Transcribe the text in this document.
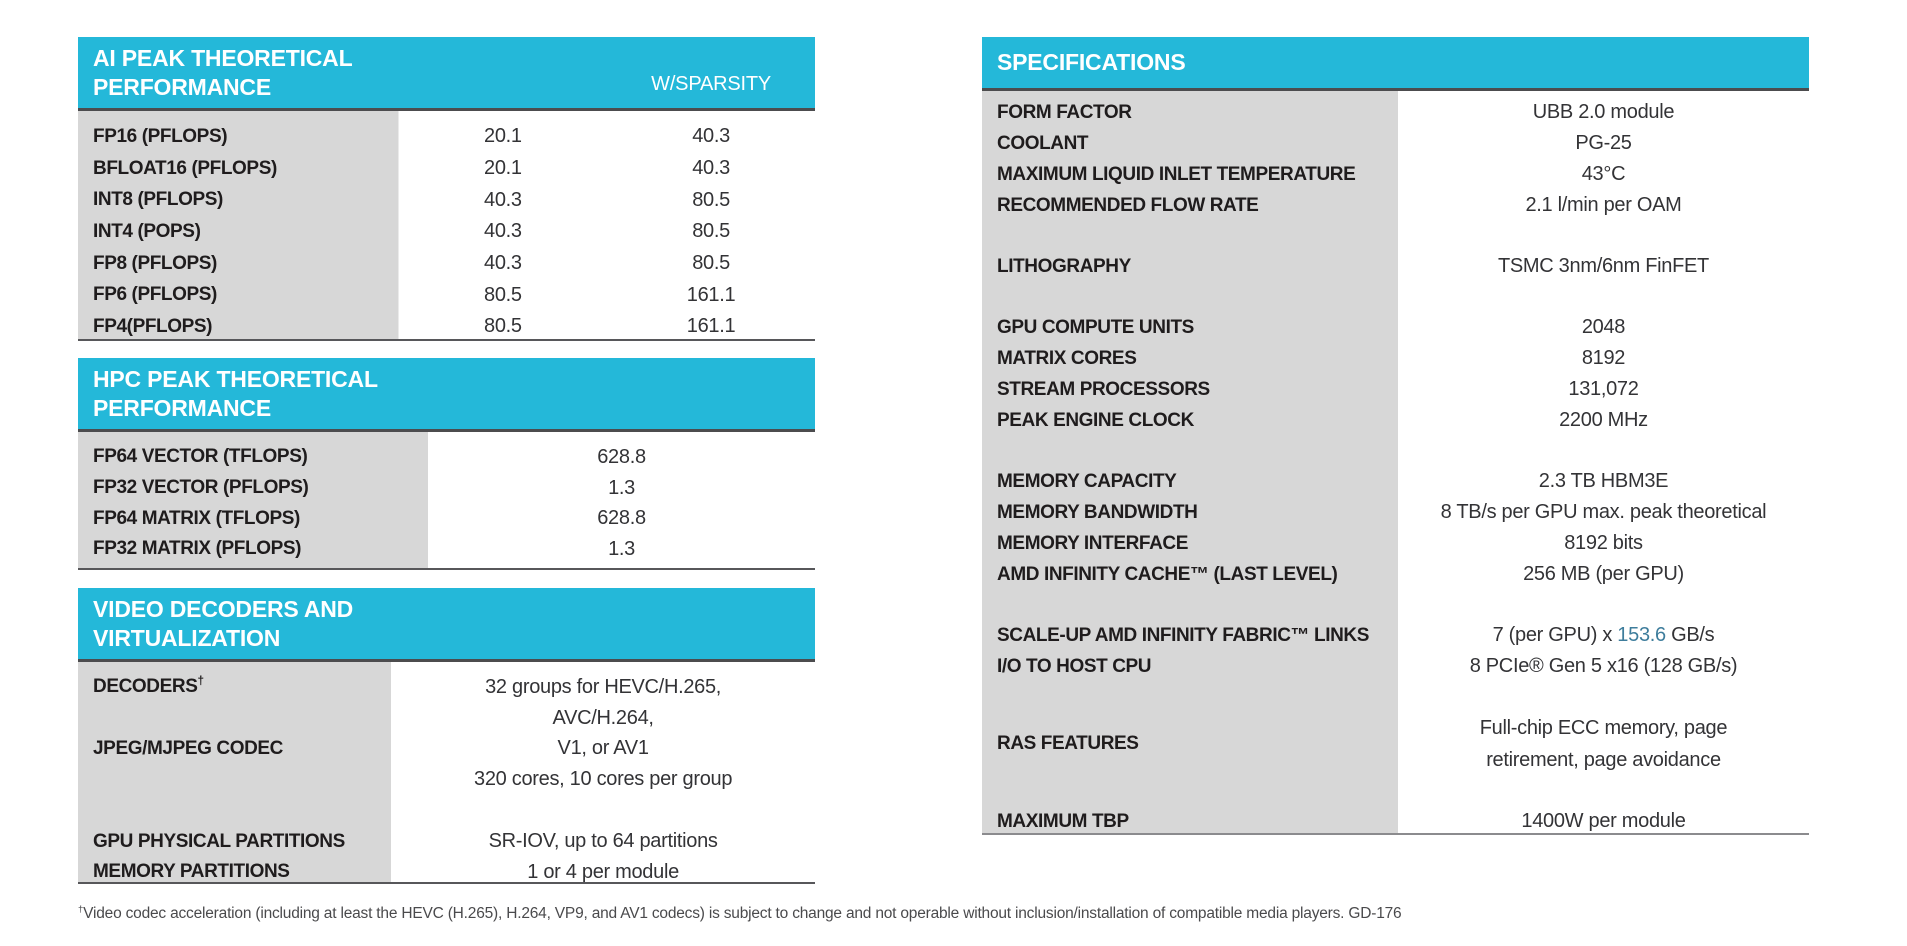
AI PEAK THEORETICAL
PERFORMANCE	W/SPARSITY
FP16 (PFLOPS)	20.1	40.3
BFLOAT16 (PFLOPS)	20.1	40.3
INT8 (PFLOPS)	40.3	80.5
INT4 (POPS)	40.3	80.5
FP8 (PFLOPS)	40.3	80.5
FP6 (PFLOPS)	80.5	161.1
FP4(PFLOPS)	80.5	161.1
HPC PEAK THEORETICAL
PERFORMANCE
FP64 VECTOR (TFLOPS)	628.8
FP32 VECTOR (PFLOPS)	1.3
FP64 MATRIX (TFLOPS)	628.8
FP32 MATRIX (PFLOPS)	1.3
VIDEO DECODERS AND
VIRTUALIZATION
DECODERS†	32 groups for HEVC/H.265,
AVC/H.264,
JPEG/MJPEG CODEC	V1, or AV1
320 cores, 10 cores per group
GPU PHYSICAL PARTITIONS	SR-IOV, up to 64 partitions
MEMORY PARTITIONS	1 or 4 per module
SPECIFICATIONS
FORM FACTOR	UBB 2.0 module
COOLANT	PG-25
MAXIMUM LIQUID INLET TEMPERATURE	43°C
RECOMMENDED FLOW RATE	2.1 l/min per OAM
LITHOGRAPHY	TSMC 3nm/6nm FinFET
GPU COMPUTE UNITS	2048
MATRIX CORES	8192
STREAM PROCESSORS	131,072
PEAK ENGINE CLOCK	2200 MHz
MEMORY CAPACITY	2.3 TB HBM3E
MEMORY BANDWIDTH	8 TB/s per GPU max. peak theoretical
MEMORY INTERFACE	8192 bits
AMD INFINITY CACHE™ (LAST LEVEL)	256 MB (per GPU)
SCALE-UP AMD INFINITY FABRIC™ LINKS	7 (per GPU) x 153.6 GB/s
I/O TO HOST CPU	8 PCIe® Gen 5 x16 (128 GB/s)
RAS FEATURES
Full-chip ECC memory, page
retirement, page avoidance
MAXIMUM TBP	1400W per module

†Video codec acceleration (including at least the HEVC (H.265), H.264, VP9, and AV1 codecs) is subject to change and not operable without inclusion/installation of compatible media players. GD-176
